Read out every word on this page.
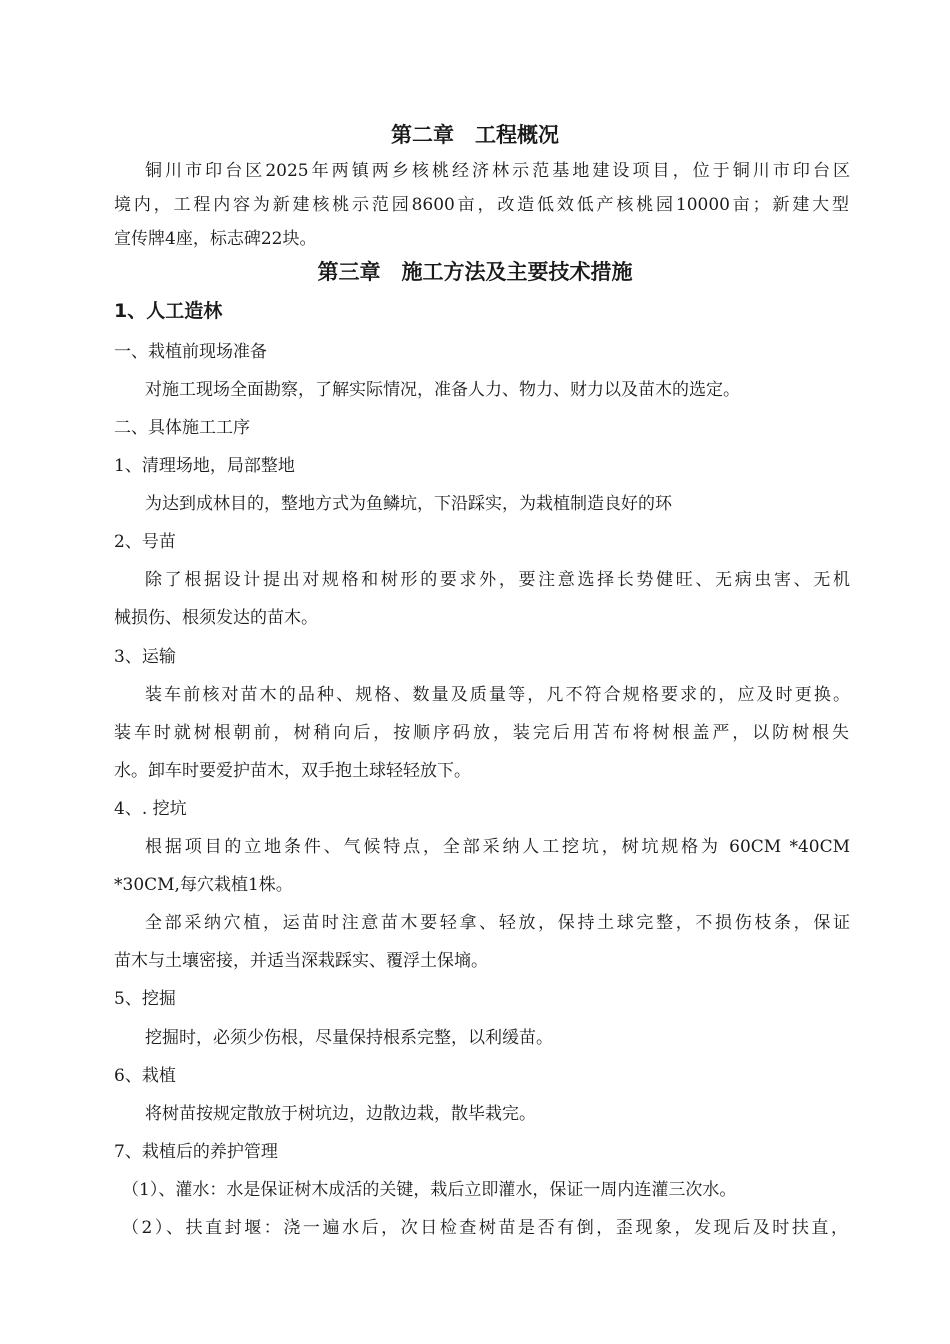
第二章　工程概况
铜川市印台区2025年两镇两乡核桃经济林示范基地建设项目，位于铜川市印台区
境内，工程内容为新建核桃示范园8600亩，改造低效低产核桃园10000亩；新建大型
宣传牌4座，标志碑22块。
第三章　施工方法及主要技术措施
1、人工造林
一、栽植前现场准备
对施工现场全面勘察，了解实际情况，准备人力、物力、财力以及苗木的选定。
二、具体施工工序
1、清理场地，局部整地
为达到成林目的，整地方式为鱼鳞坑，下沿踩实，为栽植制造良好的环
2、号苗
除了根据设计提出对规格和树形的要求外，要注意选择长势健旺、无病虫害、无机
械损伤、根须发达的苗木。
3、运输
装车前核对苗木的品种、规格、数量及质量等，凡不符合规格要求的，应及时更换。
装车时就树根朝前，树稍向后，按顺序码放，装完后用苫布将树根盖严，以防树根失
水。卸车时要爱护苗木，双手抱土球轻轻放下。
4、. 挖坑
根据项目的立地条件、气候特点，全部采纳人工挖坑，树坑规格为 60CM *40CM
*30CM,每穴栽植1株。
全部采纳穴植，运苗时注意苗木要轻拿、轻放，保持土球完整，不损伤枝条，保证
苗木与土壤密接，并适当深栽踩实、覆浮土保墒。
5、挖掘
挖掘时，必须少伤根，尽量保持根系完整，以利缓苗。
6、栽植
将树苗按规定散放于树坑边，边散边栽，散毕栽完。
7、栽植后的养护管理
（1）、灌水：水是保证树木成活的关键，栽后立即灌水，保证一周内连灌三次水。
（2）、扶直封堰：浇一遍水后，次日检查树苗是否有倒，歪现象，发现后及时扶直，
